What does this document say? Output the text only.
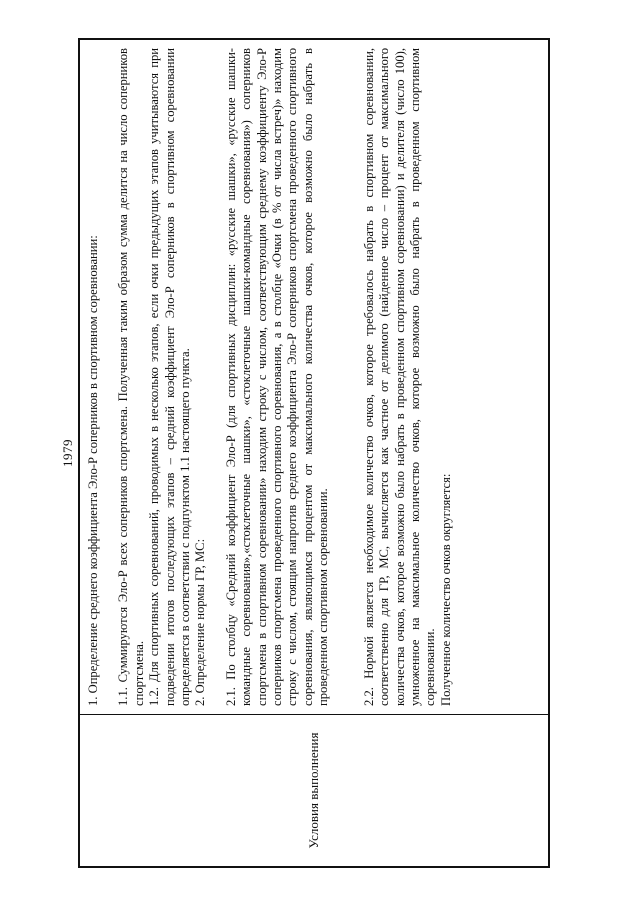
1979
Условия выполнения

1. Определение среднего коэффициента Эло-Р соперников в спортивном соревновании: 1.1. Суммируются Эло-Р всех соперников спортсмена. Полученная таким образом сумма делится на число соперников спортсмена. 1.2. Для спортивных соревнований, проводимых в несколько этапов, если очки предыдущих этапов учитываются при подведении итогов последующих этапов – средний коэффициент Эло-Р соперников в спортивном соревновании определяется в соответствии с подпунктом 1.1 настоящего пункта. 2. Определение нормы ГР, МС: 2.1. По столбцу «Средний коэффициент Эло-Р (для спортивных дисциплин: «русские шашки», «русские шашки-командные соревнования»,«стоклеточные шашки», «стоклеточные шашки-командные соревнования») соперников спортсмена в спортивном соревновании» находим строку с числом, соответствующим среднему коэффициенту Эло-Р соперников спортсмена проведенного спортивного соревнования, а в столбце «Очки (в % от числа встреч)» находим строку с числом, стоящим напротив среднего коэффициента Эло-Р соперников спортсмена проведенного спортивного соревнования, являющимся процентом от максимального количества очков, которое возможно было набрать в проведенном спортивном соревновании. 2.2. Нормой является необходимое количество очков, которое требовалось набрать в спортивном соревновании, соответственно для ГР, МС, вычисляется как частное от делимого (найденное число – процент от максимального количества очков, которое возможно было набрать в проведенном спортивном соревновании) и делителя (число 100), умноженное на максимальное количество очков, которое возможно было набрать в проведенном спортивном соревновании. Полученное количество очков округляется:
